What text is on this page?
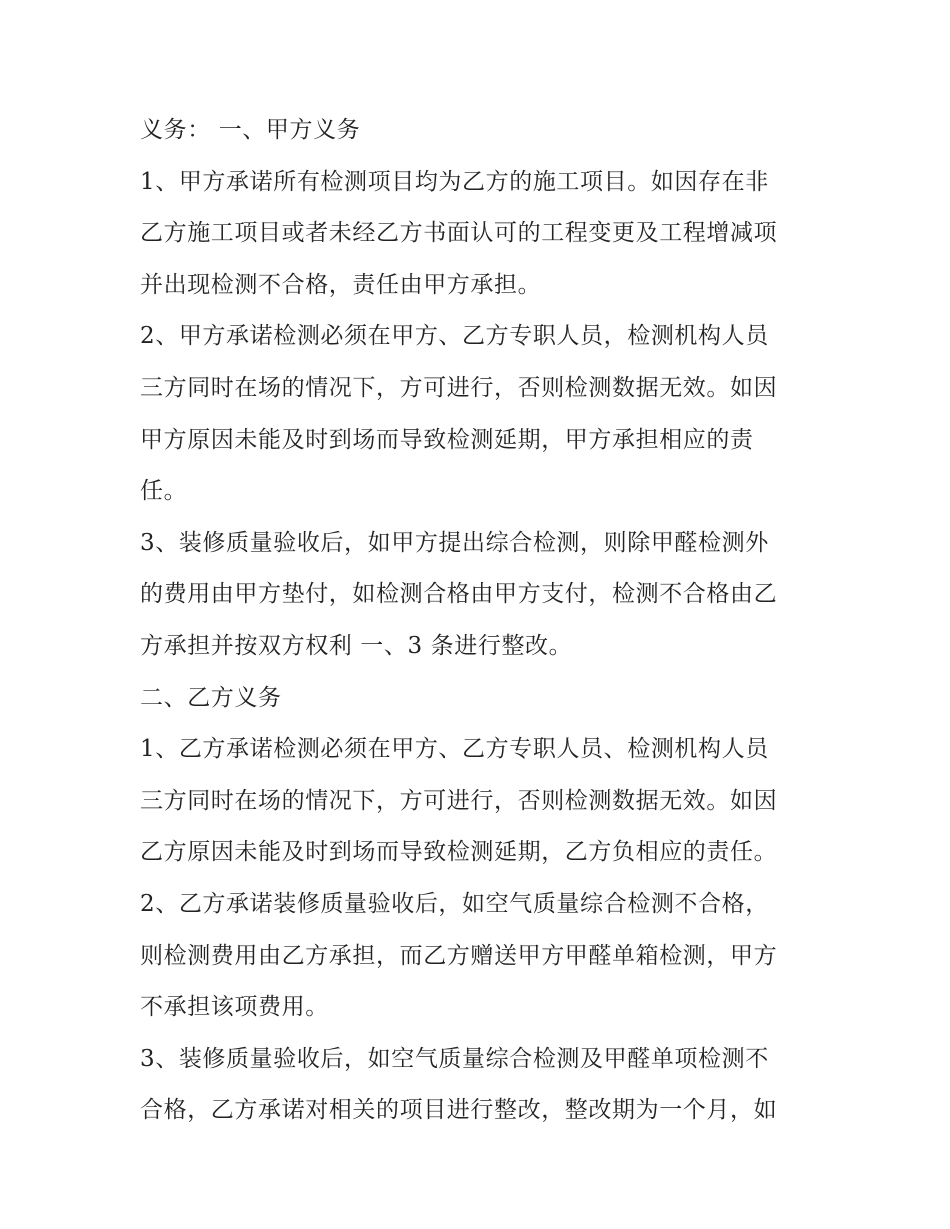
义务： 一、甲方义务
1、甲方承诺所有检测项目均为乙方的施工项目。如因存在非
乙方施工项目或者未经乙方书面认可的工程变更及工程增减项
并出现检测不合格，责任由甲方承担。
2、甲方承诺检测必须在甲方、乙方专职人员，检测机构人员
三方同时在场的情况下，方可进行，否则检测数据无效。如因
甲方原因未能及时到场而导致检测延期，甲方承担相应的责
任。
3、装修质量验收后，如甲方提出综合检测，则除甲醛检测外
的费用由甲方垫付，如检测合格由甲方支付，检测不合格由乙
方承担并按双方权利 一、3 条进行整改。
二、乙方义务
1、乙方承诺检测必须在甲方、乙方专职人员、检测机构人员
三方同时在场的情况下，方可进行，否则检测数据无效。如因
乙方原因未能及时到场而导致检测延期，乙方负相应的责任。
2、乙方承诺装修质量验收后，如空气质量综合检测不合格，
则检测费用由乙方承担，而乙方赠送甲方甲醛单箱检测，甲方
不承担该项费用。
3、装修质量验收后，如空气质量综合检测及甲醛单项检测不
合格，乙方承诺对相关的项目进行整改，整改期为一个月，如
